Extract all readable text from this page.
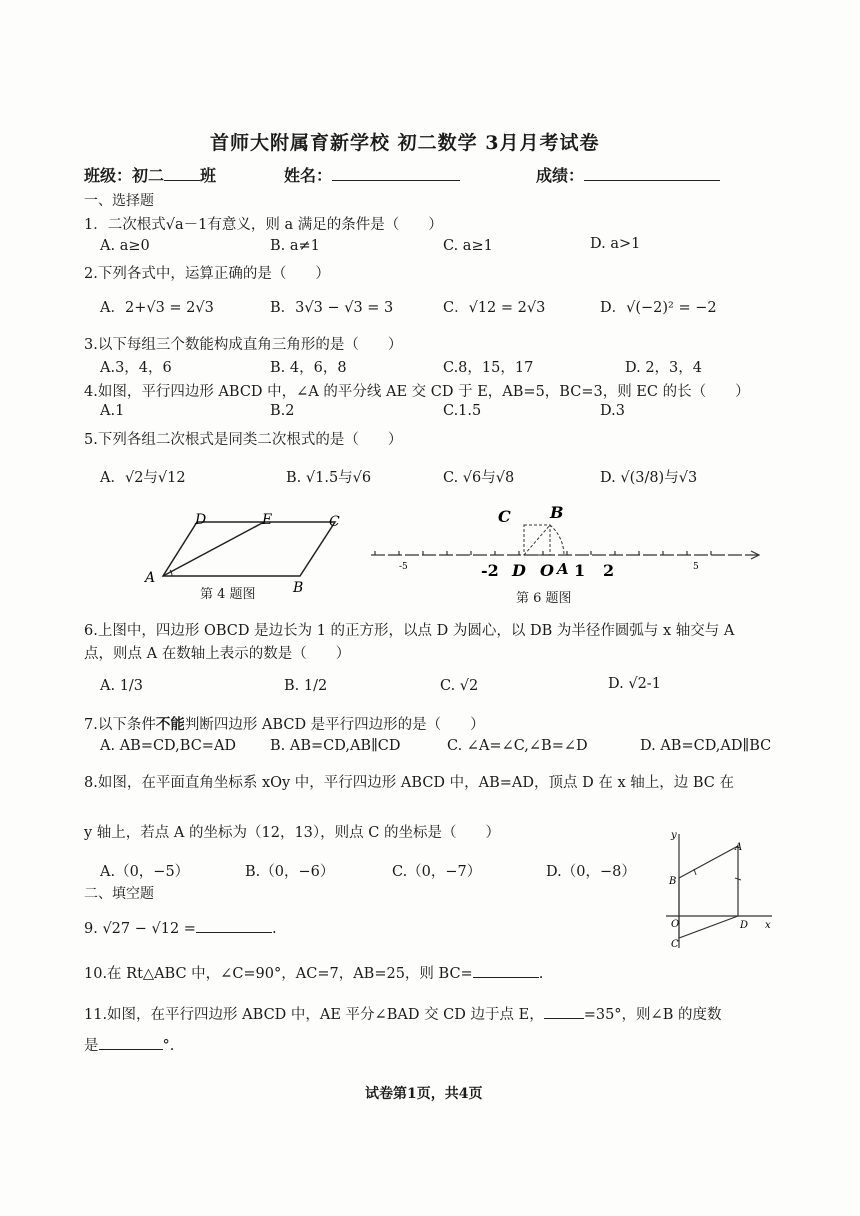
首师大附属育新学校 初二数学 3月月考试卷
班级：初二 班	姓名：	成绩：
一、选择题
1．二次根式√a－1有意义，则 a 满足的条件是（　　）
A. a≥0	B. a≠1	C. a≥1	D. a>1
2.下列各式中，运算正确的是（　　）
A．2+√3 = 2√3	B．3√3 − √3 = 3	C．√12 = 2√3	D．√(−2)² = −2
3.以下每组三个数能构成直角三角形的是（　　）
A.3，4，6	B. 4，6，8	C.8，15，17	D. 2，3，4
4.如图，平行四边形 ABCD 中，∠A 的平分线 AE 交 CD 于 E，AB=5，BC=3，则 EC 的长（　　）
A.1	B.2	C.1.5	D.3
5.下列各组二次根式是同类二次根式的是（　　）
A．√2与√12	B. √1.5与√6	C. √6与√8	D. √(3/8)与√3
A
B
C
D	E
第 4 题图
C B
D O A
-5	-2	1 2	5
第 6 题图
6.上图中，四边形 OBCD 是边长为 1 的正方形，以点 D 为圆心，以 DB 为半径作圆弧与 x 轴交与 A
点，则点 A 在数轴上表示的数是（　　）
A. 1/3	B. 1/2	C. √2	D. √2-1
7.以下条件不能判断四边形 ABCD 是平行四边形的是（　　）
A. AB=CD,BC=AD B. AB=CD,AB∥CD	C. ∠A=∠C,∠B=∠D	D. AB=CD,AD∥BC
8.如图，在平面直角坐标系 xOy 中，平行四边形 ABCD 中，AB=AD，顶点 D 在 x 轴上，边 BC 在
y 轴上，若点 A 的坐标为（12，13），则点 C 的坐标是（　　）
A.（0，−5）	B.（0，−6）	C.（0，−7）	D.（0，−8）
y
x
A
B
O
C
D
二、填空题
9. √27 − √12 =	.
10.在 Rt△ABC 中，∠C=90°，AC=7，AB=25，则 BC=	.
11.如图，在平行四边形 ABCD 中，AE 平分∠BAD 交 CD 边于点 E，	=35°，则∠B 的度数
是	°.
试卷第1页，共4页
